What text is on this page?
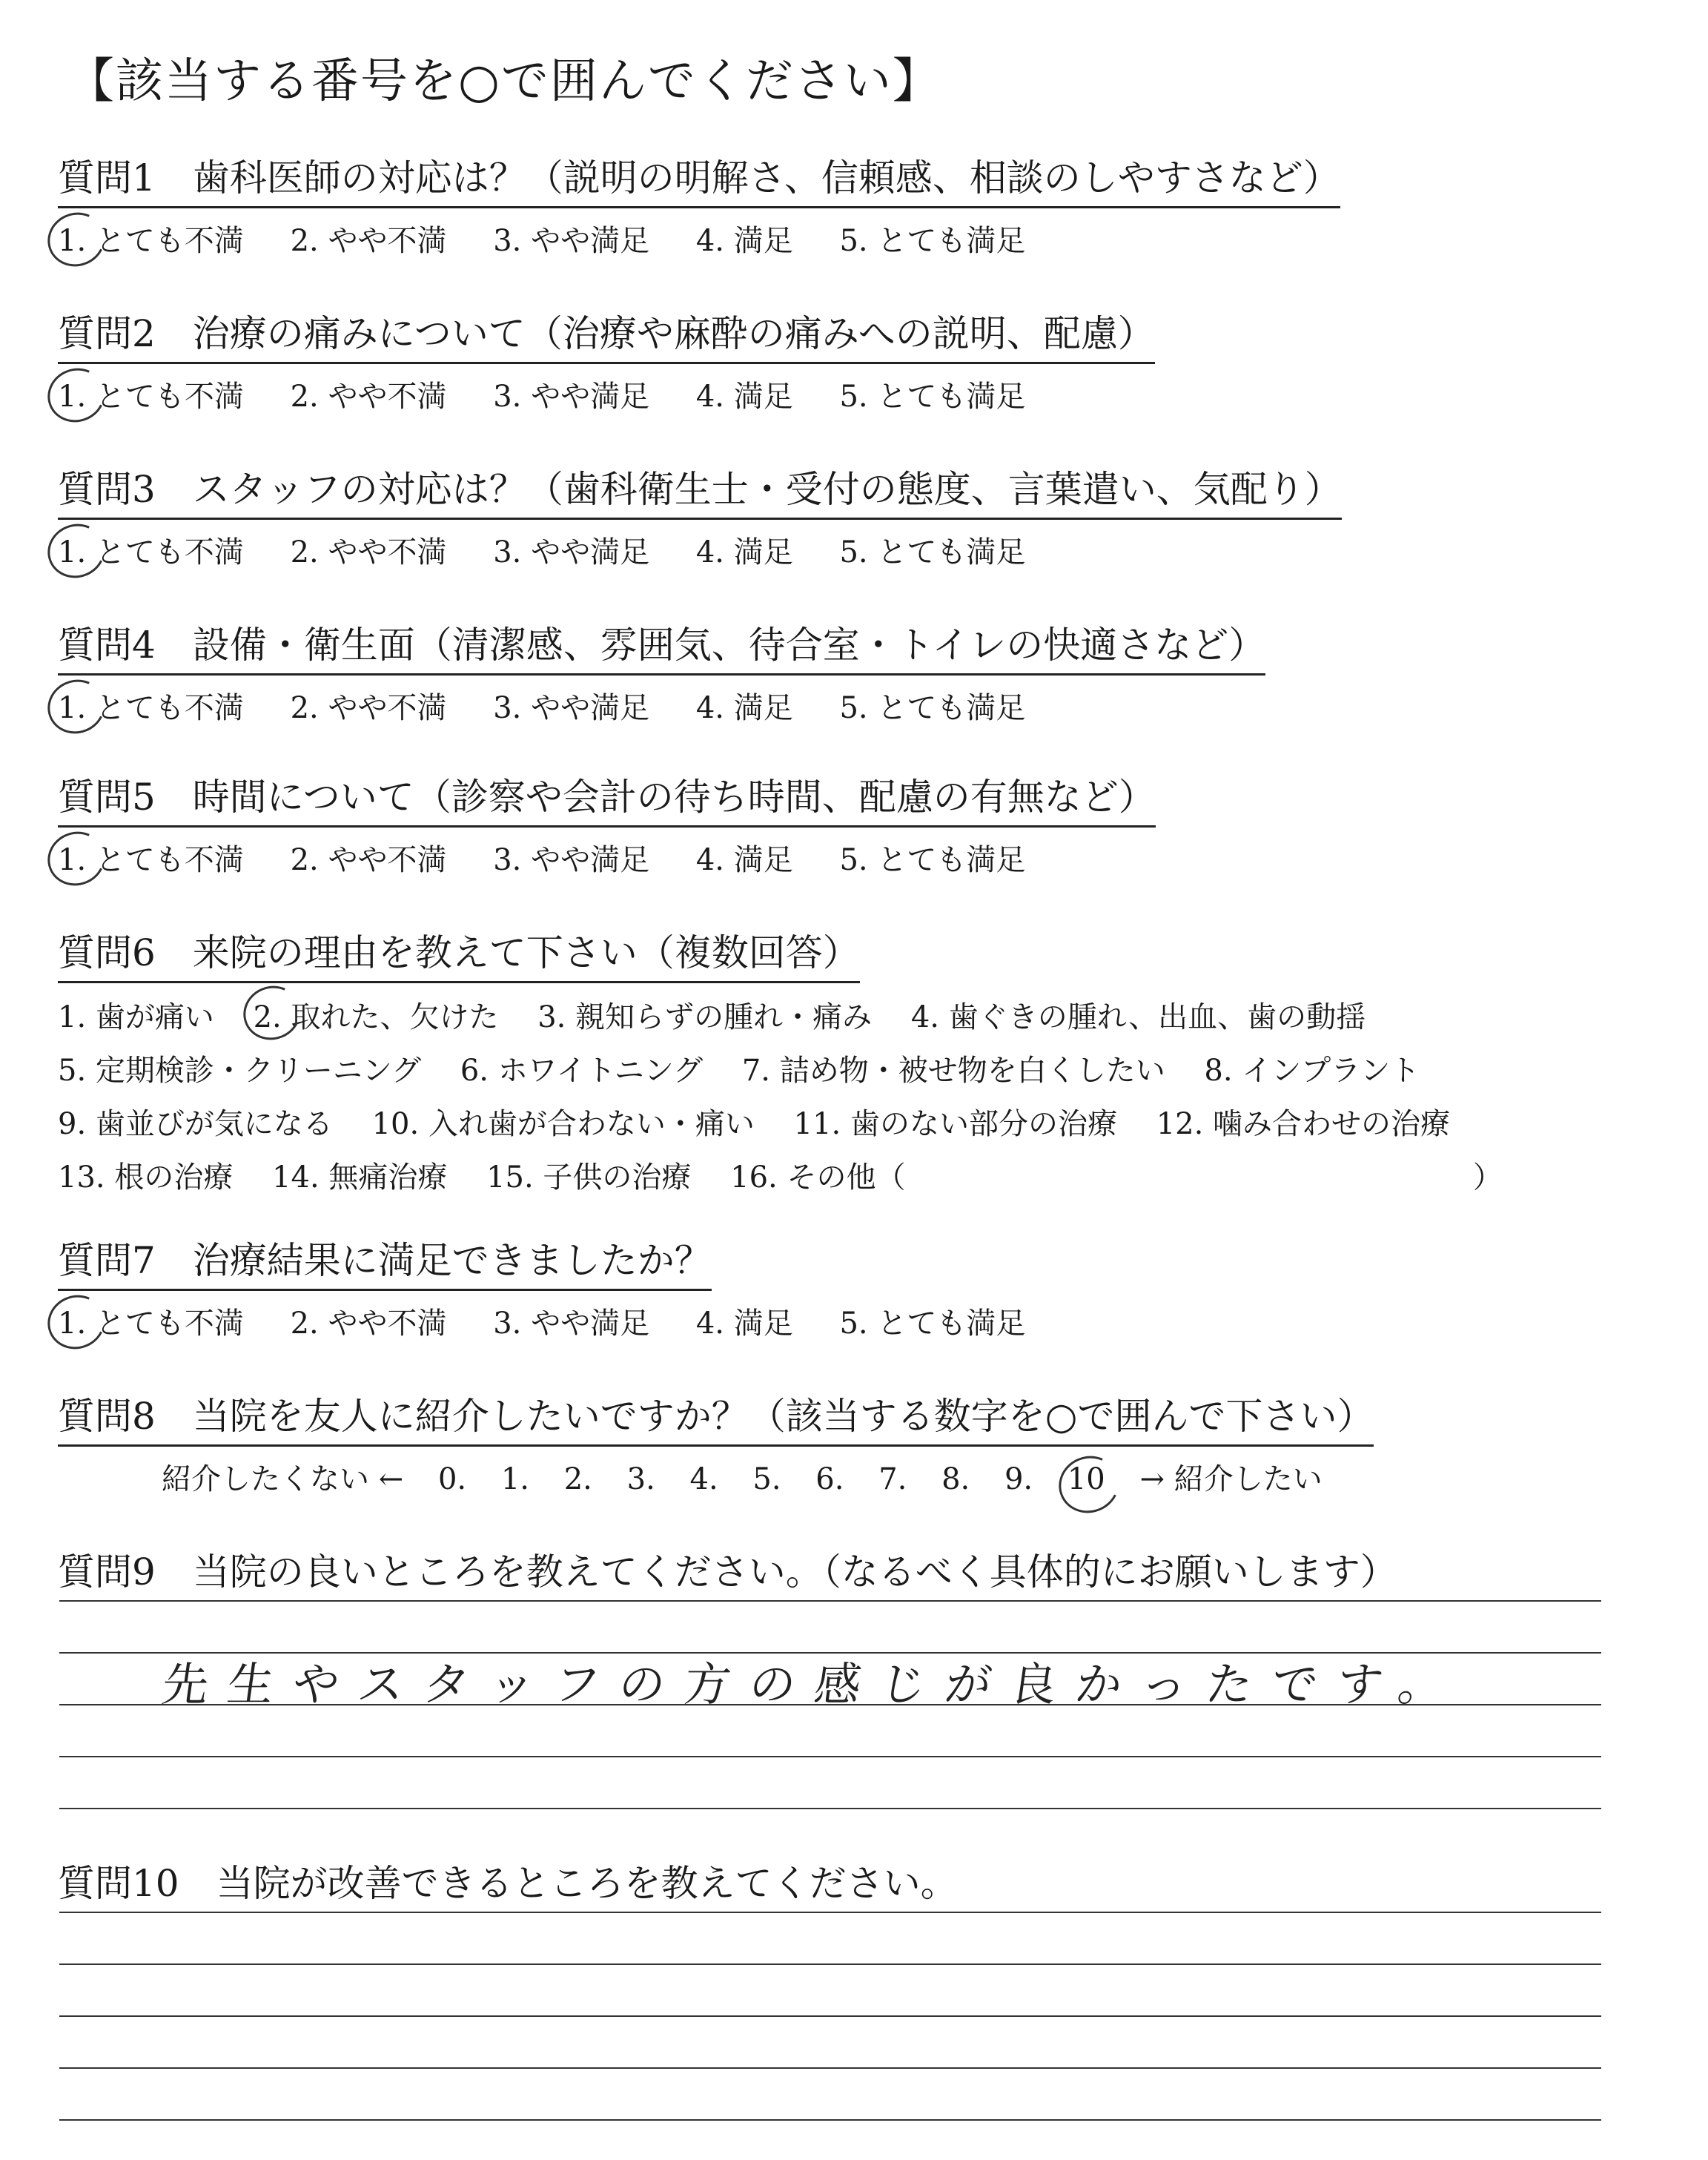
【該当する番号を○で囲んでください】
質問1　歯科医師の対応は？（説明の明解さ、信頼感、相談のしやすさなど）
1. とても不満 2. やや不満 3. やや満足 4. 満足 5. とても満足
質問2　治療の痛みについて（治療や麻酔の痛みへの説明、配慮）
1. とても不満 2. やや不満 3. やや満足 4. 満足 5. とても満足
質問3　スタッフの対応は？（歯科衛生士・受付の態度、言葉遣い、気配り）
1. とても不満 2. やや不満 3. やや満足 4. 満足 5. とても満足
質問4　設備・衛生面（清潔感、雰囲気、待合室・トイレの快適さなど）
1. とても不満 2. やや不満 3. やや満足 4. 満足 5. とても満足
質問5　時間について（診察や会計の待ち時間、配慮の有無など）
1. とても不満 2. やや不満 3. やや満足 4. 満足 5. とても満足
質問6　来院の理由を教えて下さい（複数回答）
1. 歯が痛い 2. 取れた、欠けた 3. 親知らずの腫れ・痛み 4. 歯ぐきの腫れ、出血、歯の動揺
5. 定期検診・クリーニング 6. ホワイトニング 7. 詰め物・被せ物を白くしたい 8. インプラント
9. 歯並びが気になる 10. 入れ歯が合わない・痛い 11. 歯のない部分の治療 12. 噛み合わせの治療
13. 根の治療 14. 無痛治療 15. 子供の治療 16. その他（	）
質問7　治療結果に満足できましたか？
1. とても不満 2. やや不満 3. やや満足 4. 満足 5. とても満足
質問8　当院を友人に紹介したいですか？（該当する数字を○で囲んで下さい）
紹介したくない ← 0. 1. 2. 3. 4. 5. 6. 7. 8. 9. 10 → 紹介したい
質問9　当院の良いところを教えてください。（なるべく具体的にお願いします）
先生やスタッフの方の感じが良かったです。
質問10　当院が改善できるところを教えてください。
